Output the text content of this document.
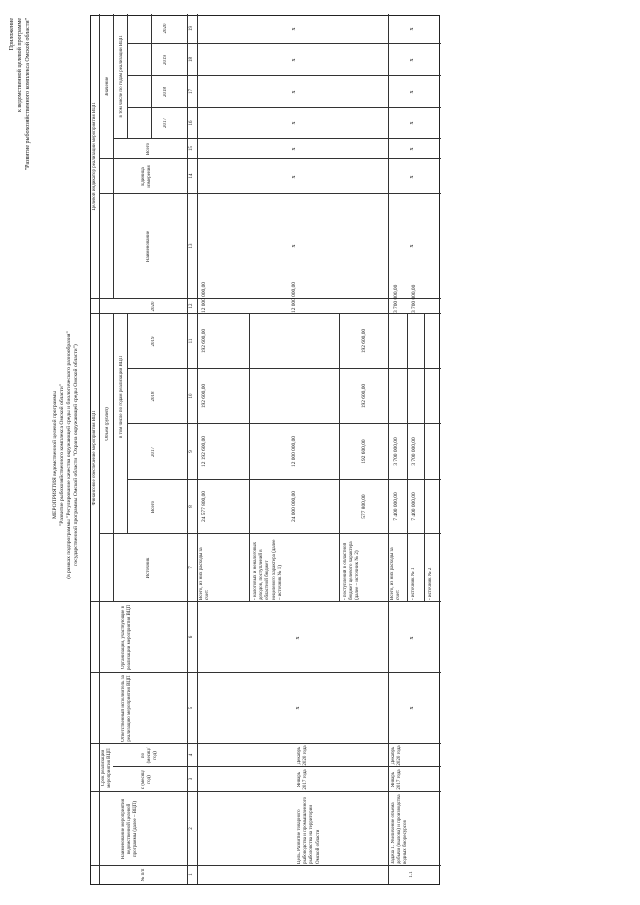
Приложение к ведомственной целевой программе "Развитие рыбохозяйственного комплекса Омской области"
МЕРОПРИЯТИЯ ведомственной целевой программы "Развитие рыбохозяйственного комплекса Омской области" (в рамках подпрограммы "Регулирование качества окружающей среды и биологического разнообразия" государственной программы Омской области "Охрана окружающей среды Омской области")
№ п/п
Наименование мероприятия ведомственной целевой программы (далее – ВЦП)
Срок реализации мероприятия ВЦП	с (месяц/год)
по (месяц/год)
Ответственный исполнитель за реализацию мероприятия ВЦП
Организации, участвующие в реализации мероприятия ВЦП
Финансовое обеспечение мероприятия ВЦП
Источник
Объем (рублей)
Всего
в том числе по годам реализации ВЦП
2017
2018
2019
2020
Целевой индикатор реализации мероприятия ВЦП
Наименование
Единица измерения
Значение
Всего
в том числе по годам реализации ВЦП
2017
2018
2019
2020
1
2
3
4
5
6
7
8
9
10
11
12
13
14
15
16
17
18
19
Цель. Развитие товарного рыбоводства и промышленного рыболовства на территории Омской области
Январь 2017 года
Декабрь 2020 года
х
х
Всего, из них расходы за счет:
24 577 800,00
12 192 600,00
192 600,00
192 600,00
12 000 000,00
- налоговых и неналоговых доходов, поступлений в областной бюджет нецелевого характера (далее – источник № 1)
24 000 000,00
12 000 000,00
12 000 000,00
- поступлений в областной бюджет целевого характера (далее – источник № 2)
577 800,00
192 600,00
192 600,00
192 600,00
х
х
х
х
х
х
х
1.1
Задача 1. Увеличение объема добычи (вылова) и производства водных биоресурсов
Январь 2017 года
Декабрь 2020 года
х
х
Всего, из них расходы за счет:
7 400 000,00
3 700 000,00
3 700 000,00
- источник № 1
7 400 000,00
3 700 000,00
3 700 000,00
- источник № 2
х
х
х
х
х
х
х
